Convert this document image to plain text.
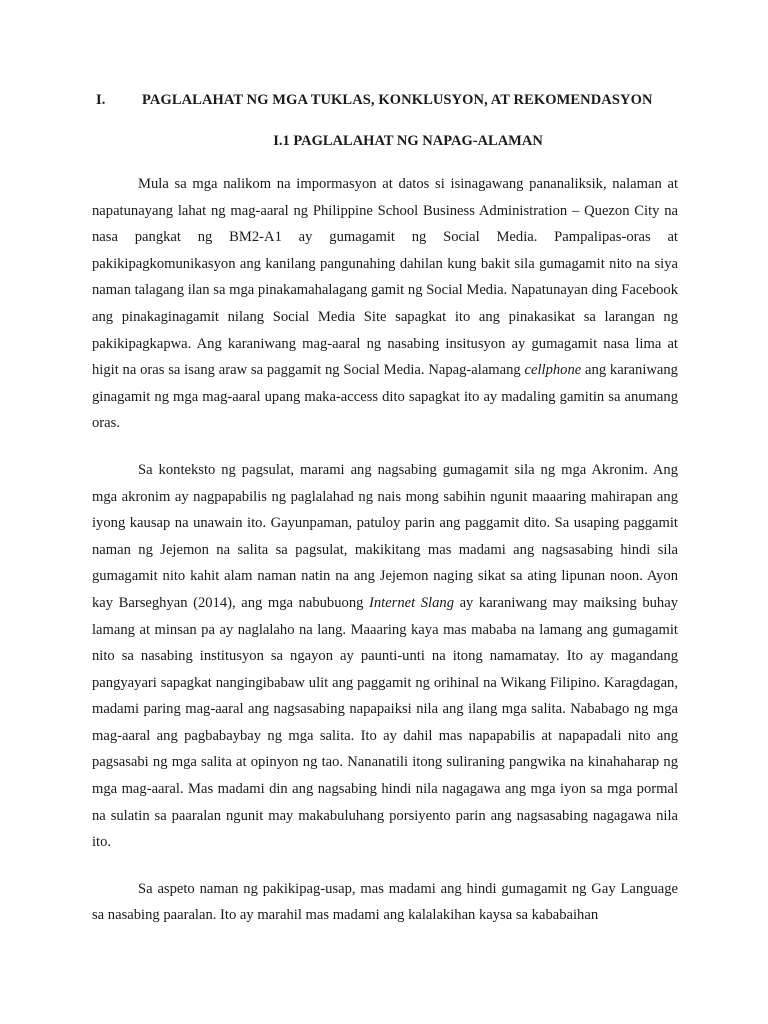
I.	PAGLALAHAT NG MGA TUKLAS, KONKLUSYON, AT REKOMENDASYON
I.1 PAGLALAHAT NG NAPAG-ALAMAN

Mula sa mga nalikom na impormasyon at datos si isinagawang pananaliksik, nalaman at napatunayang lahat ng mag-aaral ng Philippine School Business Administration – Quezon City na nasa pangkat ng BM2-A1 ay gumagamit ng Social Media. Pampalipas-oras at pakikipagkomunikasyon ang kanilang pangunahing dahilan kung bakit sila gumagamit nito na siya naman talagang ilan sa mga pinakamahalagang gamit ng Social Media. Napatunayan ding Facebook ang pinakaginagamit nilang Social Media Site sapagkat ito ang pinakasikat sa larangan ng pakikipagkapwa. Ang karaniwang mag-aaral ng nasabing insitusyon ay gumagamit nasa lima at higit na oras sa isang araw sa paggamit ng Social Media. Napag-alamang cellphone ang karaniwang ginagamit ng mga mag-aaral upang maka-access dito sapagkat ito ay madaling gamitin sa anumang oras.

Sa konteksto ng pagsulat, marami ang nagsabing gumagamit sila ng mga Akronim. Ang mga akronim ay nagpapabilis ng paglalahad ng nais mong sabihin ngunit maaaring mahirapan ang iyong kausap na unawain ito. Gayunpaman, patuloy parin ang paggamit dito. Sa usaping paggamit naman ng Jejemon na salita sa pagsulat, makikitang mas madami ang nagsasabing hindi sila gumagamit nito kahit alam naman natin na ang Jejemon naging sikat sa ating lipunan noon. Ayon kay Barseghyan (2014), ang mga nabubuong Internet Slang ay karaniwang may maiksing buhay lamang at minsan pa ay naglalaho na lang. Maaaring kaya mas mababa na lamang ang gumagamit nito sa nasabing institusyon sa ngayon ay paunti-unti na itong namamatay. Ito ay magandang pangyayari sapagkat nangingibabaw ulit ang paggamit ng orihinal na Wikang Filipino. Karagdagan, madami paring mag-aaral ang nagsasabing napapaiksi nila ang ilang mga salita. Nababago ng mga mag-aaral ang pagbabaybay ng mga salita. Ito ay dahil mas napapabilis at napapadali nito ang pagsasabi ng mga salita at opinyon ng tao. Nananatili itong suliraning pangwika na kinahaharap ng mga mag-aaral. Mas madami din ang nagsabing hindi nila nagagawa ang mga iyon sa mga pormal na sulatin sa paaralan ngunit may makabuluhang porsiyento parin ang nagsasabing nagagawa nila ito.

Sa aspeto naman ng pakikipag-usap, mas madami ang hindi gumagamit ng Gay Language sa nasabing paaralan. Ito ay marahil mas madami ang kalalakihan kaysa sa kababaihan
